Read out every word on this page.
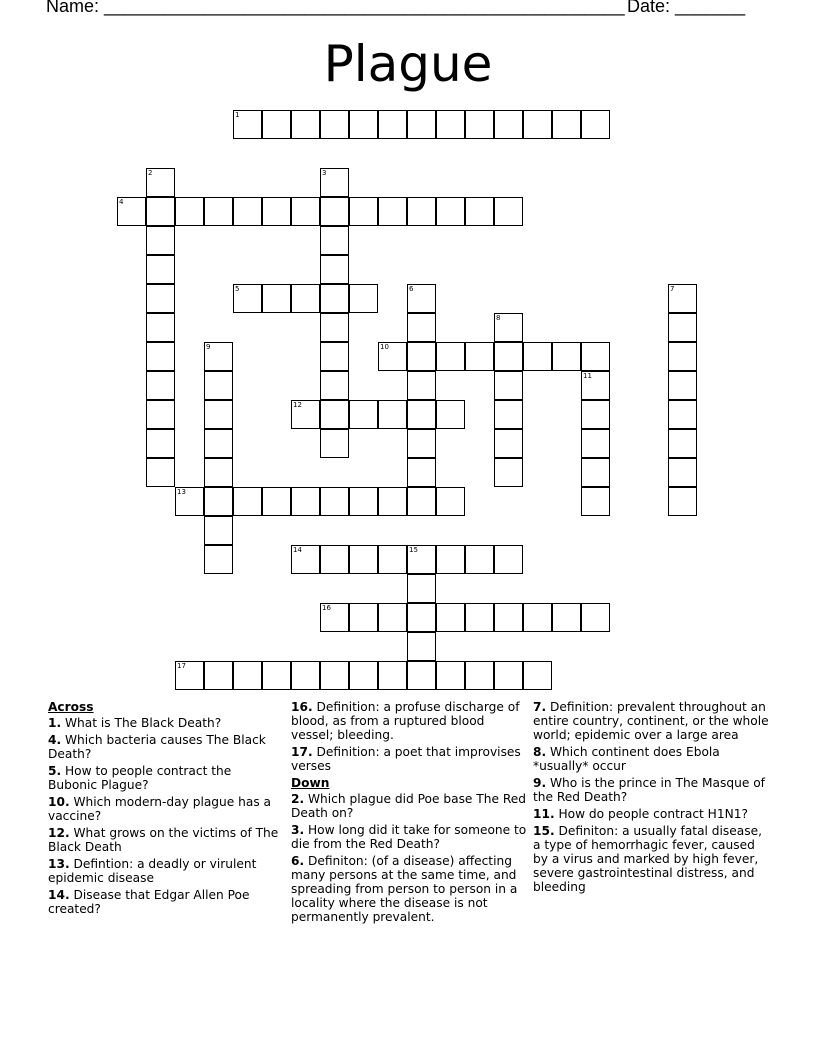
Name: ____________________________________________________ Date: _______
Plague
1
2	3
4
5	6	7
8
9	10
11
12
13
14	15
16
17
Across
1. What is The Black Death?
4. Which bacteria causes The Black Death?
5. How to people contract the Bubonic Plague?
10. Which modern-day plague has a vaccine?
12. What grows on the victims of The Black Death
13. Defintion: a deadly or virulent epidemic disease
14. Disease that Edgar Allen Poe created?
16. Definition: a profuse discharge of blood, as from a ruptured blood vessel; bleeding.
17. Definition: a poet that improvises verses
Down
2. Which plague did Poe base The Red Death on?
3. How long did it take for someone to die from the Red Death?
6. Definiton: (of a disease) affecting many persons at the same time, and spreading from person to person in a locality where the disease is not permanently prevalent.
7. Definition: prevalent throughout an entire country, continent, or the whole world; epidemic over a large area
8. Which continent does Ebola *usually* occur
9. Who is the prince in The Masque of the Red Death?
11. How do people contract H1N1?
15. Definiton: a usually fatal disease, a type of hemorrhagic fever, caused by a virus and marked by high fever, severe gastrointestinal distress, and bleeding
